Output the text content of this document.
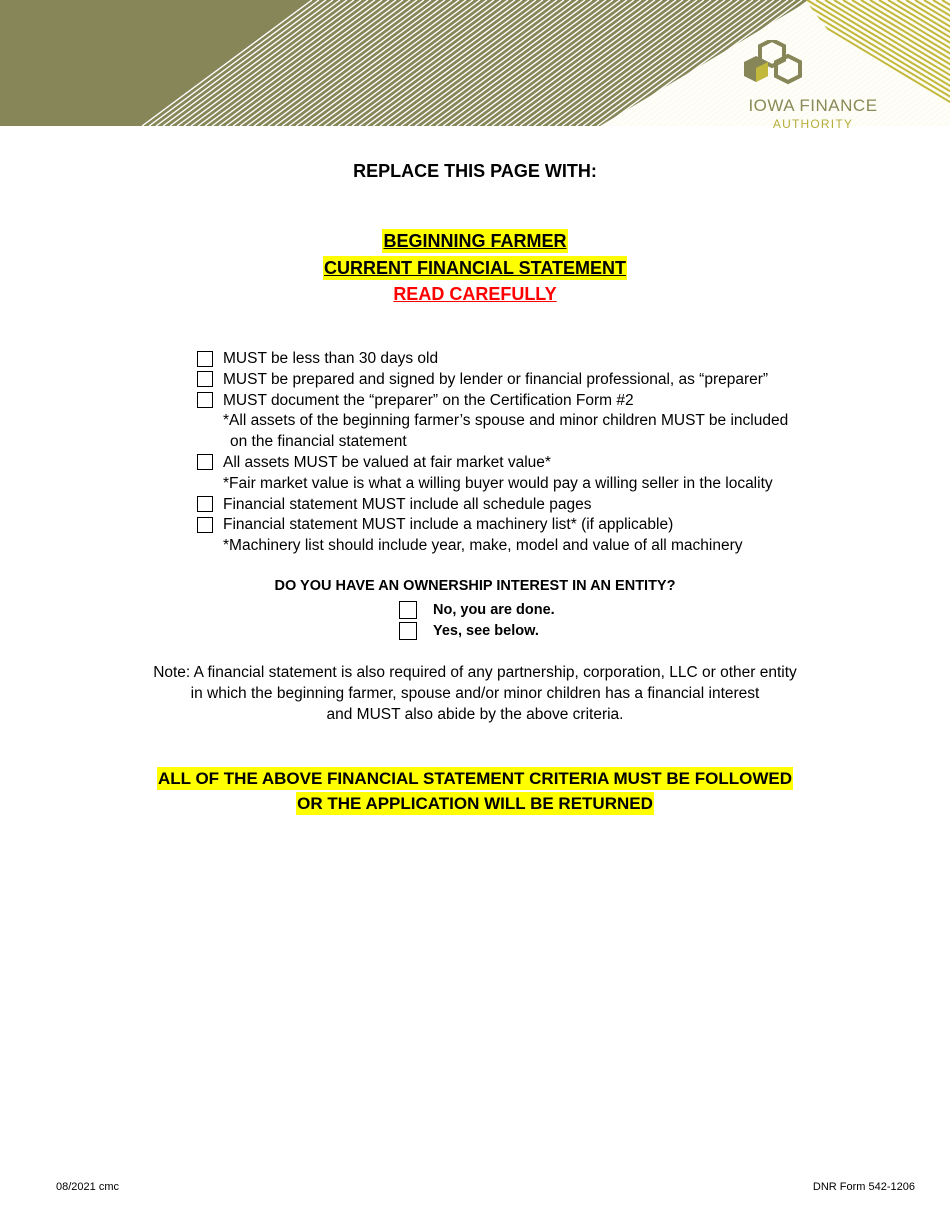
IOWA FINANCE
AUTHORITY
REPLACE THIS PAGE WITH:
BEGINNING FARMER
CURRENT FINANCIAL STATEMENT
READ CAREFULLY
MUST be less than 30 days old
MUST be prepared and signed by lender or financial professional, as “preparer”
MUST document the “preparer” on the Certification Form #2
*All assets of the beginning farmer’s spouse and minor children MUST be included
on the financial statement
All assets MUST be valued at fair market value*
*Fair market value is what a willing buyer would pay a willing seller in the locality
Financial statement MUST include all schedule pages
Financial statement MUST include a machinery list* (if applicable)
*Machinery list should include year, make, model and value of all machinery
DO YOU HAVE AN OWNERSHIP INTEREST IN AN ENTITY?
No, you are done.
Yes, see below.
Note: A financial statement is also required of any partnership, corporation, LLC or other entity
in which the beginning farmer, spouse and/or minor children has a financial interest
and MUST also abide by the above criteria.
ALL OF THE ABOVE FINANCIAL STATEMENT CRITERIA MUST BE FOLLOWED
OR THE APPLICATION WILL BE RETURNED
08/2021 cmc	DNR Form 542-1206
